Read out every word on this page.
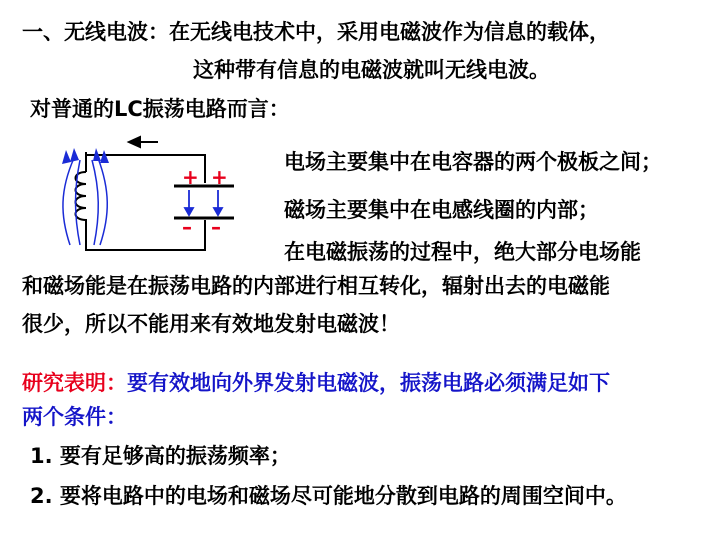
一、无线电波：在无线电技术中，采用电磁波作为信息的载体，
这种带有信息的电磁波就叫无线电波。
对普通的LC振荡电路而言：
+ +
– –
电场主要集中在电容器的两个极板之间；
磁场主要集中在电感线圈的内部；
在电磁振荡的过程中，绝大部分电场能
和磁场能是在振荡电路的内部进行相互转化，辐射出去的电磁能
很少，所以不能用来有效地发射电磁波！
研究表明：要有效地向外界发射电磁波，振荡电路必须满足如下
两个条件：
1. 要有足够高的振荡频率；
2. 要将电路中的电场和磁场尽可能地分散到电路的周围空间中。
